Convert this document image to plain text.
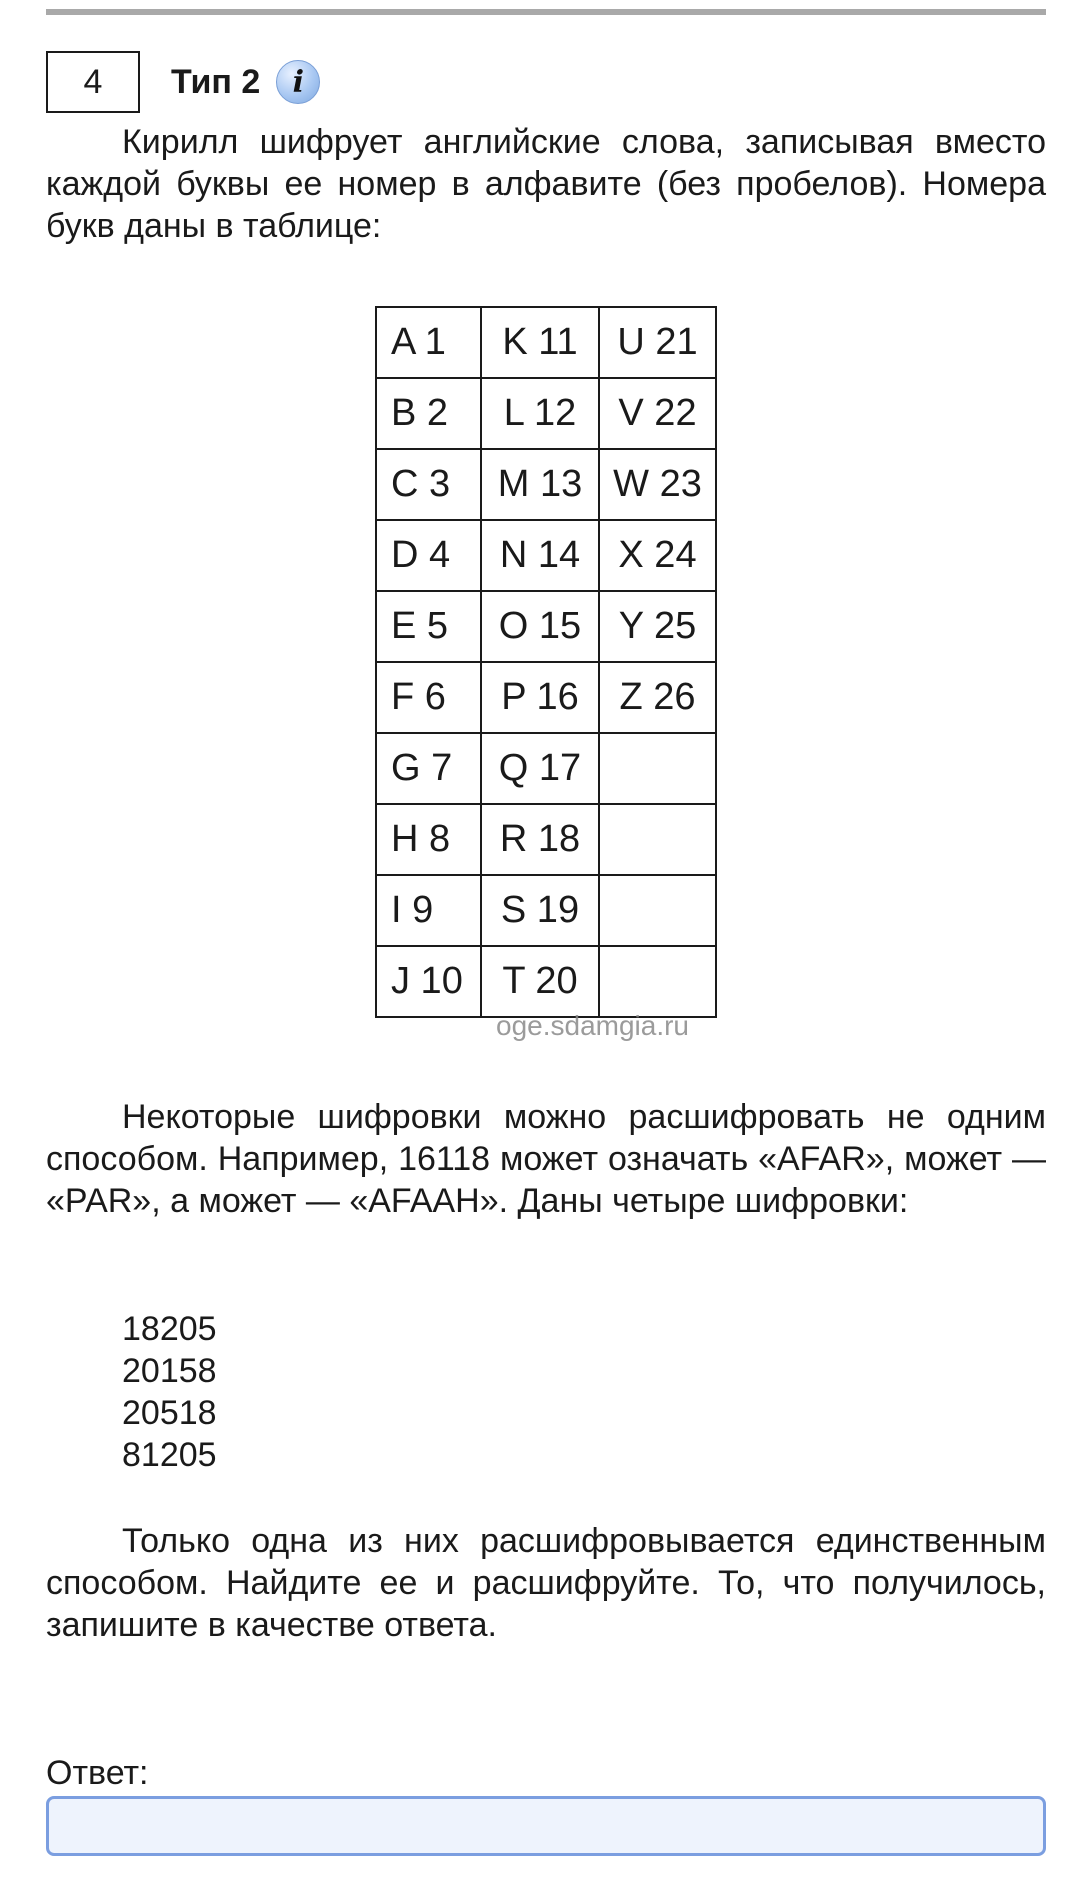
4	Тип 2	i

Кирилл шифрует английские слова, записывая вместо каждой буквы ее номер в алфавите (без пробелов). Номера букв даны в таблице:

A 1	K 11	U 21
B 2	L 12	V 22
C 3	M 13	W 23
D 4	N 14	X 24
E 5	O 15	Y 25
F 6	P 16	Z 26
G 7	Q 17	
H 8	R 18	
I 9	S 19	
J 10	T 20	
oge.sdamgia.ru

Некоторые шифровки можно расшифровать не одним способом. Например, 16118 может означать «AFAR», может — «PAR», а может — «AFAAH». Даны четыре шифровки:

18205
20158
20518
81205

Только одна из них расшифровывается единственным способом. Найдите ее и расшифруйте. То, что получилось, запишите в качестве ответа.

Ответ:
